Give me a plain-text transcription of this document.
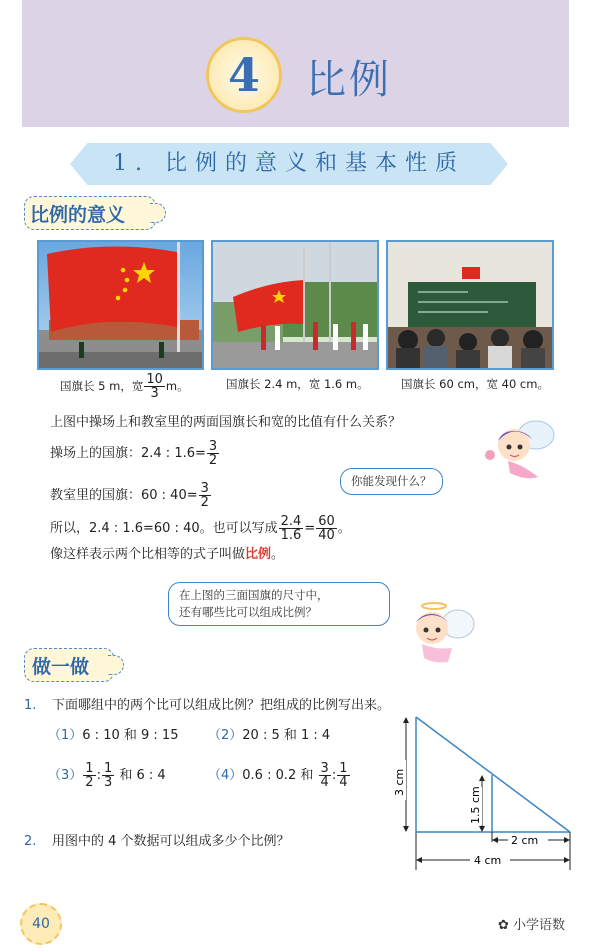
4 比例
1. 比例的意义和基本性质
比例的意义
国旗长 5 m，宽 $\frac{10}{3}$ m。	国旗长 2.4 m，宽 1.6 m。	国旗长 60 cm，宽 40 cm。
上图中操场上和教室里的两面国旗长和宽的比值有什么关系？
操场上的国旗：2.4 : $1.6= \frac{3}{2}$
教室里的国旗：60 : $40= \frac{3}{2}$
所以，2.4 : 1.6=60 : 40。也可以写成 $\frac{2.4}{1.6} = \frac{60}{40}$ 。
像这样表示两个比相等的式子叫做比例。
你能发现什么？
在上图的三面国旗的尺寸中，
还有哪些比可以组成比例？
做一做
1. 下面哪组中的两个比可以组成比例？把组成的比例写出来。
（1）6 : 10 和 9 : 15 （2）20 : 5 和 1 : 4
$(3) \frac{1}{2}$ : $\frac{1}{3}$ 和 6 : 4	（4）0.6 : 0.2 和 $\frac{3}{4}$ : $\frac{1}{4}$
2. 用图中的 4 个数据可以组成多少个比例？
3 cm
1.5 cm
2 cm
4 cm
40	✿ 小学语数
